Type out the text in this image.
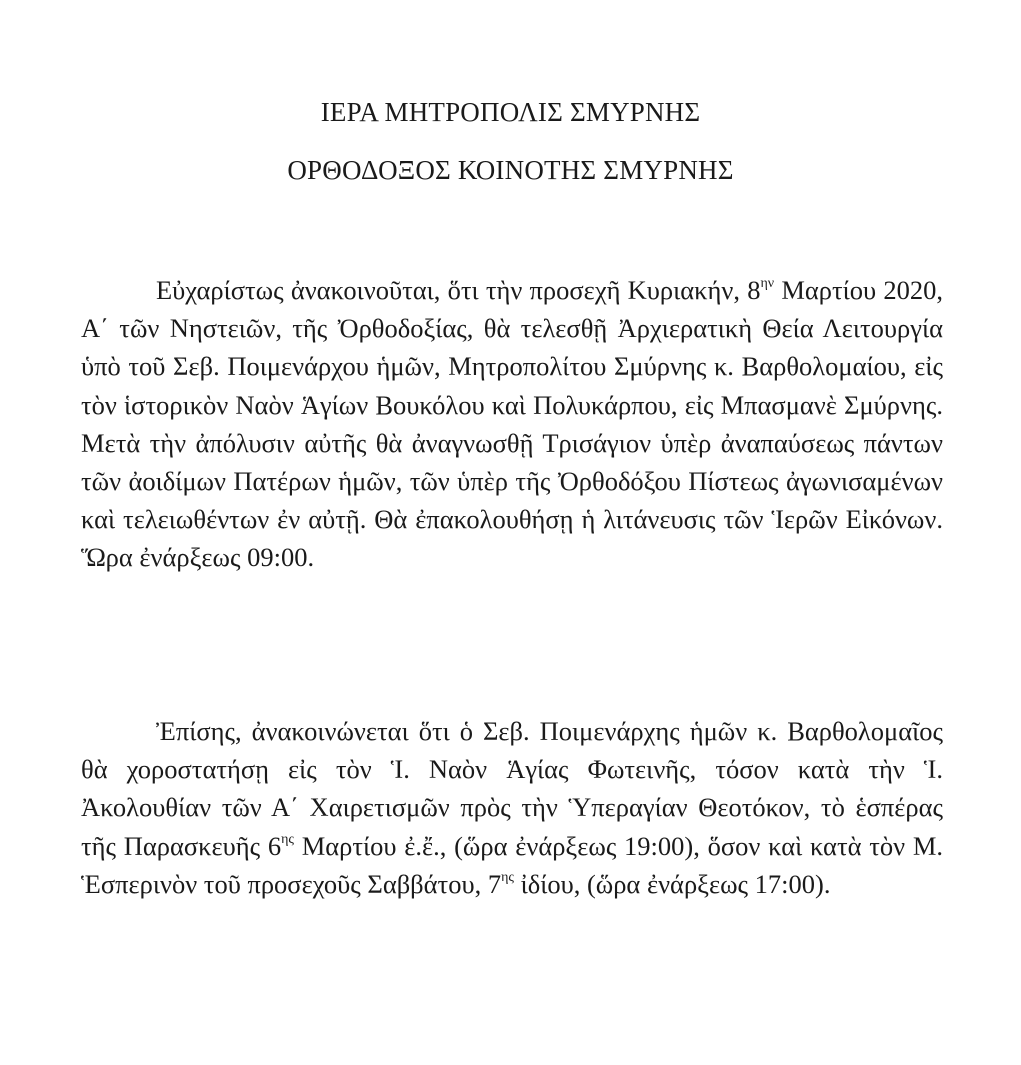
ΙΕΡΑ ΜΗΤΡΟΠΟΛΙΣ ΣΜΥΡΝΗΣ
ΟΡΘΟΔΟΞΟΣ ΚΟΙΝΟΤΗΣ ΣΜΥΡΝΗΣ

Εὐχαρίστως ἀνακοινοῦται, ὅτι τὴν προσεχῆ Κυριακήν, $8^{\eta\nu}$ Μαρτίου 2020, Α΄ τῶν Νηστειῶν, τῆς Ὀρθοδοξίας, θὰ τελεσθῇ Ἀρχιερατικὴ Θεία Λειτουργία ὑπὸ τοῦ Σεβ. Ποιμενάρχου ἡμῶν, Μητροπολίτου Σμύρνης κ. Βαρθολομαίου, εἰς τὸν ἱστορικὸν Ναὸν Ἁγίων Βουκόλου καὶ Πολυκάρπου, εἰς Μπασμανὲ Σμύρνης. Μετὰ τὴν ἀπόλυσιν αὐτῆς θὰ ἀναγνωσθῇ Τρισάγιον ὑπὲρ ἀναπαύσεως πάντων τῶν ἀοιδίμων Πατέρων ἡμῶν, τῶν ὑπὲρ τῆς Ὀρθοδόξου Πίστεως ἀγωνισαμένων καὶ τελειωθέντων ἐν αὐτῇ. Θὰ ἐπακολουθήσῃ ἡ λιτάνευσις τῶν Ἱερῶν Εἰκόνων. Ὥρα ἐνάρξεως 09:00.

Ἐπίσης, ἀνακοινώνεται ὅτι ὁ Σεβ. Ποιμενάρχης ἡμῶν κ. Βαρθολομαῖος θὰ χοροστατήσῃ εἰς τὸν Ἱ. Ναὸν Ἁγίας Φωτεινῆς, τόσον κατὰ τὴν Ἱ. Ἀκολουθίαν τῶν Α΄ Χαιρετισμῶν πρὸς τὴν Ὑπεραγίαν Θεοτόκον, τὸ ἑσπέρας τῆς Παρασκευῆς $6^{\eta\varsigma}$ Μαρτίου ἐ.ἔ., (ὥρα ἐνάρξεως 19:00), ὅσον καὶ κατὰ τὸν Μ. Ἑσπερινὸν τοῦ προσεχοῦς Σαββάτου, $7^{\eta\varsigma}$ ἰδίου, (ὥρα ἐνάρξεως 17:00).
